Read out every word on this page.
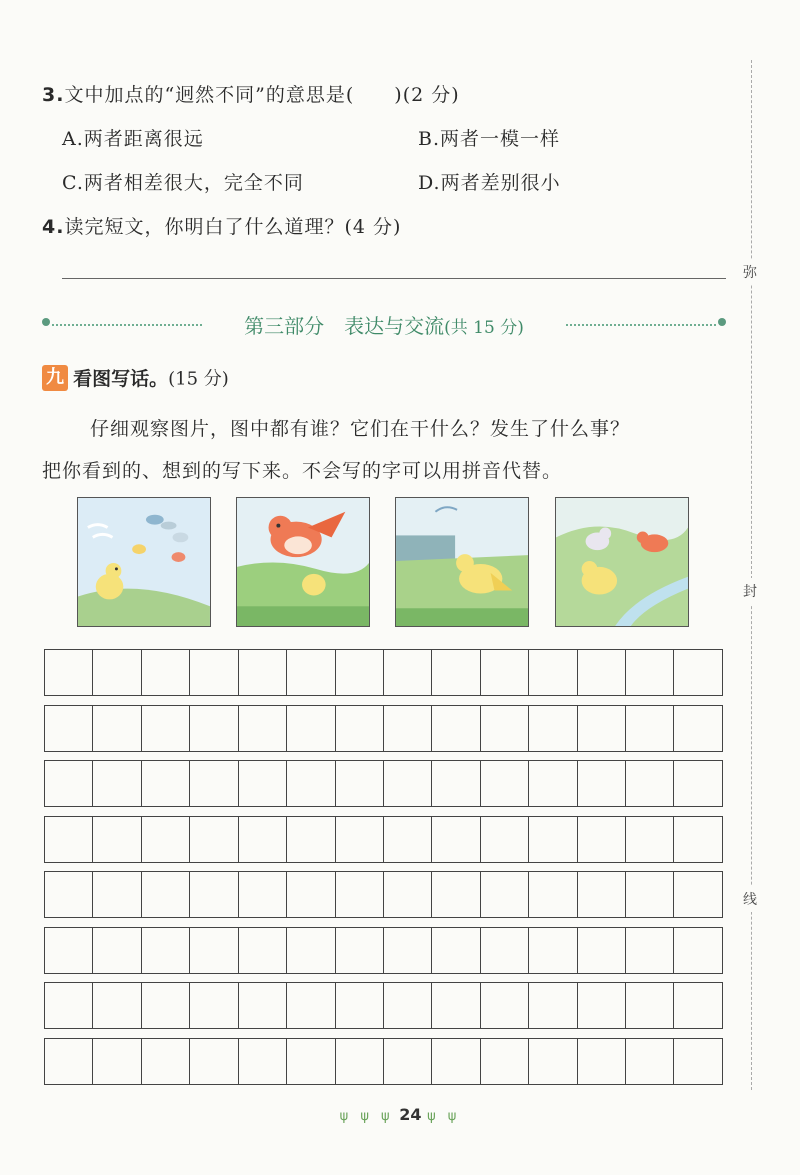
3.文中加点的“迥然不同”的意思是(　　)(2 分)
A.两者距离很远	B.两者一模一样
C.两者相差很大，完全不同	D.两者差别很小
4.读完短文，你明白了什么道理？(4 分)
弥
封
线
第三部分　表达与交流(共 15 分)
九 看图写话。(15 分)
仔细观察图片，图中都有谁？它们在干什么？发生了什么事？
把你看到的、想到的写下来。不会写的字可以用拼音代替。
ψ ψ ψ 24 ψ ψ
